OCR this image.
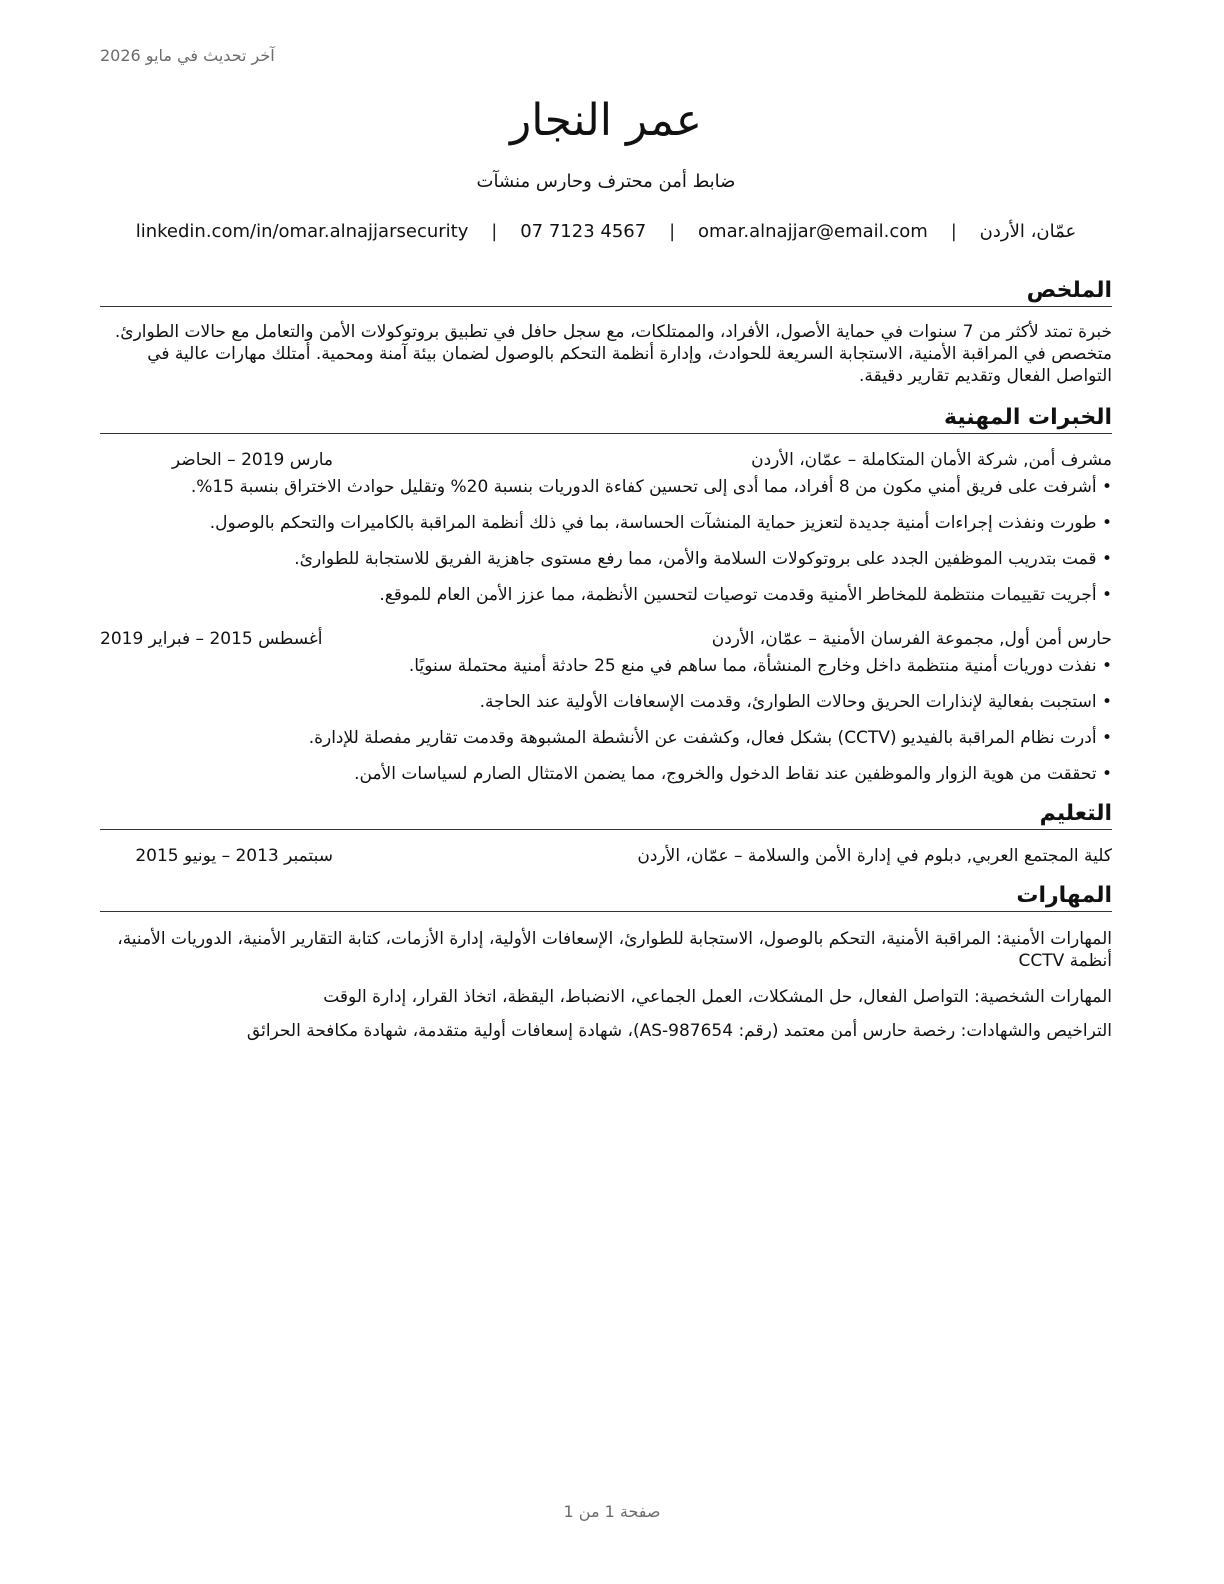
آخر تحديث في مايو 2026
عمر النجار
ضابط أمن محترف وحارس منشآت
عمّان، الأردن    |    omar.alnajjar@email.com    |    07 7123 4567    |    linkedin.com/in/omar.alnajjarsecurity
الملخص
خبرة تمتد لأكثر من 7 سنوات في حماية الأصول، الأفراد، والممتلكات، مع سجل حافل في تطبيق بروتوكولات الأمن والتعامل مع حالات الطوارئ. متخصص في المراقبة الأمنية، الاستجابة السريعة للحوادث، وإدارة أنظمة التحكم بالوصول لضمان بيئة آمنة ومحمية. أمتلك مهارات عالية في التواصل الفعال وتقديم تقارير دقيقة.
الخبرات المهنية
مشرف أمن, شركة الأمان المتكاملة – عمّان، الأردن
مارس 2019 – الحاضر
• أشرفت على فريق أمني مكون من 8 أفراد، مما أدى إلى تحسين كفاءة الدوريات بنسبة 20% وتقليل حوادث الاختراق بنسبة 15%.
• طورت ونفذت إجراءات أمنية جديدة لتعزيز حماية المنشآت الحساسة، بما في ذلك أنظمة المراقبة بالكاميرات والتحكم بالوصول.
• قمت بتدريب الموظفين الجدد على بروتوكولات السلامة والأمن، مما رفع مستوى جاهزية الفريق للاستجابة للطوارئ.
• أجريت تقييمات منتظمة للمخاطر الأمنية وقدمت توصيات لتحسين الأنظمة، مما عزز الأمن العام للموقع.
حارس أمن أول, مجموعة الفرسان الأمنية – عمّان، الأردن
أغسطس 2015 – فبراير 2019
• نفذت دوريات أمنية منتظمة داخل وخارج المنشأة، مما ساهم في منع 25 حادثة أمنية محتملة سنويًا.
• استجبت بفعالية لإنذارات الحريق وحالات الطوارئ، وقدمت الإسعافات الأولية عند الحاجة.
• أدرت نظام المراقبة بالفيديو (CCTV) بشكل فعال، وكشفت عن الأنشطة المشبوهة وقدمت تقارير مفصلة للإدارة.
• تحققت من هوية الزوار والموظفين عند نقاط الدخول والخروج، مما يضمن الامتثال الصارم لسياسات الأمن.
التعليم
كلية المجتمع العربي, دبلوم في إدارة الأمن والسلامة – عمّان، الأردن
سبتمبر 2013 – يونيو 2015
المهارات
المهارات الأمنية: المراقبة الأمنية، التحكم بالوصول، الاستجابة للطوارئ، الإسعافات الأولية، إدارة الأزمات، كتابة التقارير الأمنية، الدوريات الأمنية، أنظمة CCTV
المهارات الشخصية: التواصل الفعال، حل المشكلات، العمل الجماعي، الانضباط، اليقظة، اتخاذ القرار، إدارة الوقت
التراخيص والشهادات: رخصة حارس أمن معتمد (رقم: AS-987654)، شهادة إسعافات أولية متقدمة، شهادة مكافحة الحرائق
صفحة 1 من 1
